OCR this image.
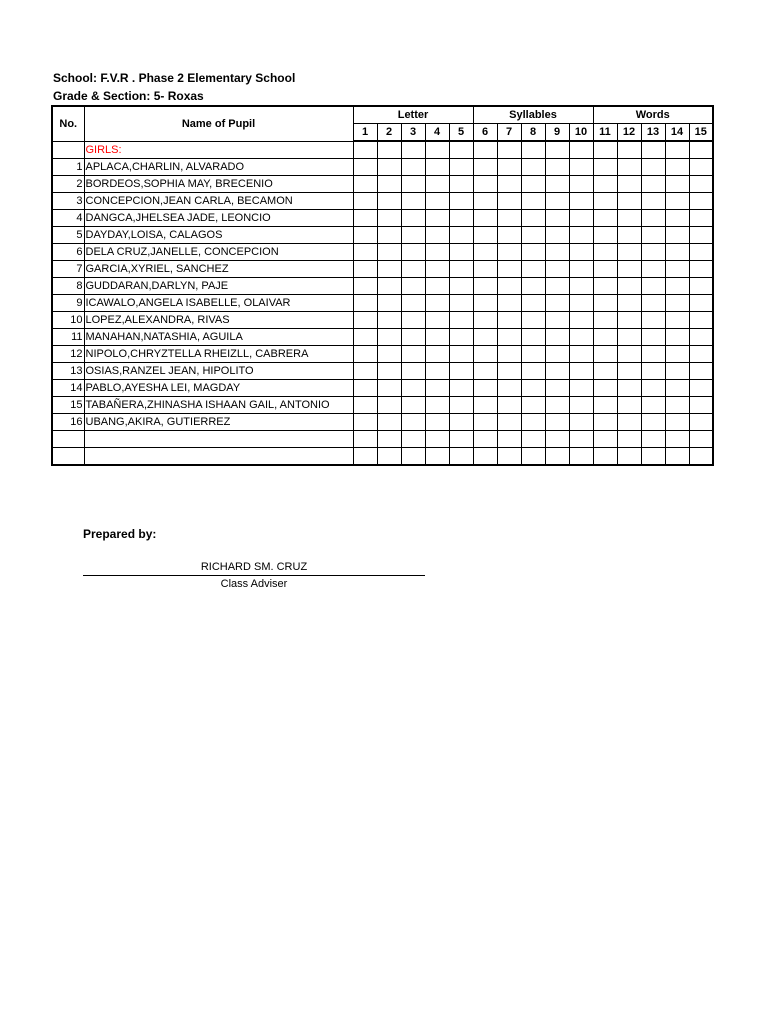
School: F.V.R . Phase 2 Elementary School
Grade & Section: 5- Roxas
No.	Name of Pupil	Letter					Syllables					Words				
		1	2	3	4	5	6	7	8	9	10	11	12	13	14	15
	GIRLS:															
1	APLACA,CHARLIN, ALVARADO															
2	BORDEOS,SOPHIA MAY, BRECENIO															
3	CONCEPCION,JEAN CARLA, BECAMON															
4	DANGCA,JHELSEA JADE, LEONCIO															
5	DAYDAY,LOISA, CALAGOS															
6	DELA CRUZ,JANELLE, CONCEPCION															
7	GARCIA,XYRIEL, SANCHEZ															
8	GUDDARAN,DARLYN, PAJE															
9	ICAWALO,ANGELA ISABELLE, OLAIVAR															
10	LOPEZ,ALEXANDRA, RIVAS															
11	MANAHAN,NATASHIA, AGUILA															
12	NIPOLO,CHRYZTELLA RHEIZLL, CABRERA															
13	OSIAS,RANZEL JEAN, HIPOLITO															
14	PABLO,AYESHA LEI, MAGDAY															
15	TABAÑERA,ZHINASHA ISHAAN GAIL, ANTONIO															
16	UBANG,AKIRA, GUTIERREZ															

Prepared by:
RICHARD SM. CRUZ
Class Adviser
